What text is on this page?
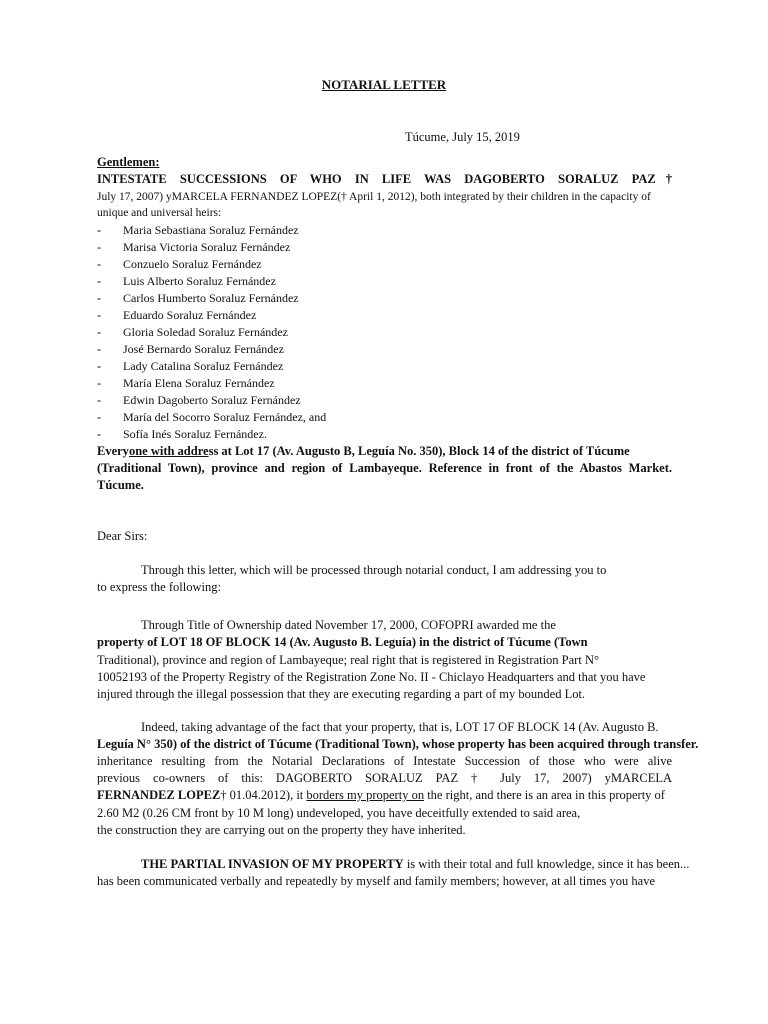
NOTARIAL LETTER
Túcume, July 15, 2019
Gentlemen:
INTESTATE SUCCESSIONS OF WHO IN LIFE WAS DAGOBERTO SORALUZ PAZ†
July 17, 2007) yMARCELA FERNANDEZ LOPEZ(† April 1, 2012), both integrated by their children in the capacity of
unique and universal heirs:
- Maria Sebastiana Soraluz Fernández
- Marisa Victoria Soraluz Fernández
- Conzuelo Soraluz Fernández
- Luis Alberto Soraluz Fernández
- Carlos Humberto Soraluz Fernández
- Eduardo Soraluz Fernández
- Gloria Soledad Soraluz Fernández
- José Bernardo Soraluz Fernández
- Lady Catalina Soraluz Fernández
- María Elena Soraluz Fernández
- Edwin Dagoberto Soraluz Fernández
- María del Socorro Soraluz Fernández, and
- Sofía Inés Soraluz Fernández.
Everyone with address at Lot 17 (Av. Augusto B, Leguía No. 350), Block 14 of the district of Túcume
(Traditional Town), province and region of Lambayeque. Reference in front of the Abastos Market.
Túcume.
Dear Sirs:
Through this letter, which will be processed through notarial conduct, I am addressing you to
to express the following:
Through Title of Ownership dated November 17, 2000, COFOPRI awarded me the
property of LOT 18 OF BLOCK 14 (Av. Augusto B. Leguía) in the district of Túcume (Town
Traditional), province and region of Lambayeque; real right that is registered in Registration Part N°
10052193 of the Property Registry of the Registration Zone No. II - Chiclayo Headquarters and that you have
injured through the illegal possession that they are executing regarding a part of my bounded Lot.
Indeed, taking advantage of the fact that your property, that is, LOT 17 OF BLOCK 14 (Av. Augusto B.
Leguía N° 350) of the district of Túcume (Traditional Town), whose property has been acquired through transfer.
inheritance resulting from the Notarial Declarations of Intestate Succession of those who were alive
previous co-owners of this: DAGOBERTO SORALUZ PAZ † July 17, 2007) yMARCELA
FERNANDEZ LOPEZ† 01.04.2012), it borders my property on the right, and there is an area in this property of
2.60 M2 (0.26 CM front by 10 M long) undeveloped, you have deceitfully extended to said area,
the construction they are carrying out on the property they have inherited.
THE PARTIAL INVASION OF MY PROPERTY is with their total and full knowledge, since it has been...
has been communicated verbally and repeatedly by myself and family members; however, at all times you have
